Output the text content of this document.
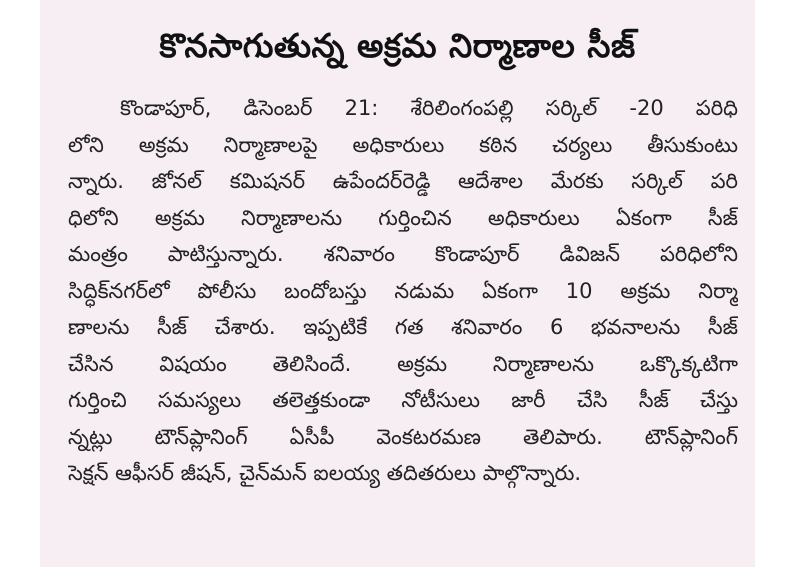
కొనసాగుతున్న అక్రమ నిర్మాణాల సీజ్
కొండాపూర్, డిసెంబర్ 21: శేరిలింగంపల్లి సర్కిల్ -20 పరిధి
లోని అక్రమ నిర్మాణాలపై అధికారులు కఠిన చర్యలు తీసుకుంటు
న్నారు. జోనల్ కమిషనర్ ఉపేందర్‌రెడ్డి ఆదేశాల మేరకు సర్కిల్ పరి
ధిలోని అక్రమ నిర్మాణాలను గుర్తించిన అధికారులు ఏకంగా సీజ్
మంత్రం పాటిస్తున్నారు. శనివారం కొండాపూర్ డివిజన్ పరిధిలోని
సిద్ధిక్‌నగర్‌లో పోలీసు బందోబస్తు నడుమ ఏకంగా 10 అక్రమ నిర్మా
ణాలను సీజ్ చేశారు. ఇప్పటికే గత శనివారం 6 భవనాలను సీజ్
చేసిన విషయం తెలిసిందే. అక్రమ నిర్మాణాలను ఒక్కొక్కటిగా
గుర్తించి సమస్యలు తలెత్తకుండా నోటీసులు జారీ చేసి సీజ్ చేస్తు
న్నట్లు టౌన్‌ప్లానింగ్ ఏసీపీ వెంకటరమణ తెలిపారు. టౌన్‌ప్లానింగ్
సెక్షన్ ఆఫీసర్ జీషన్, చైన్‌మన్ ఐలయ్య తదితరులు పాల్గొన్నారు.
